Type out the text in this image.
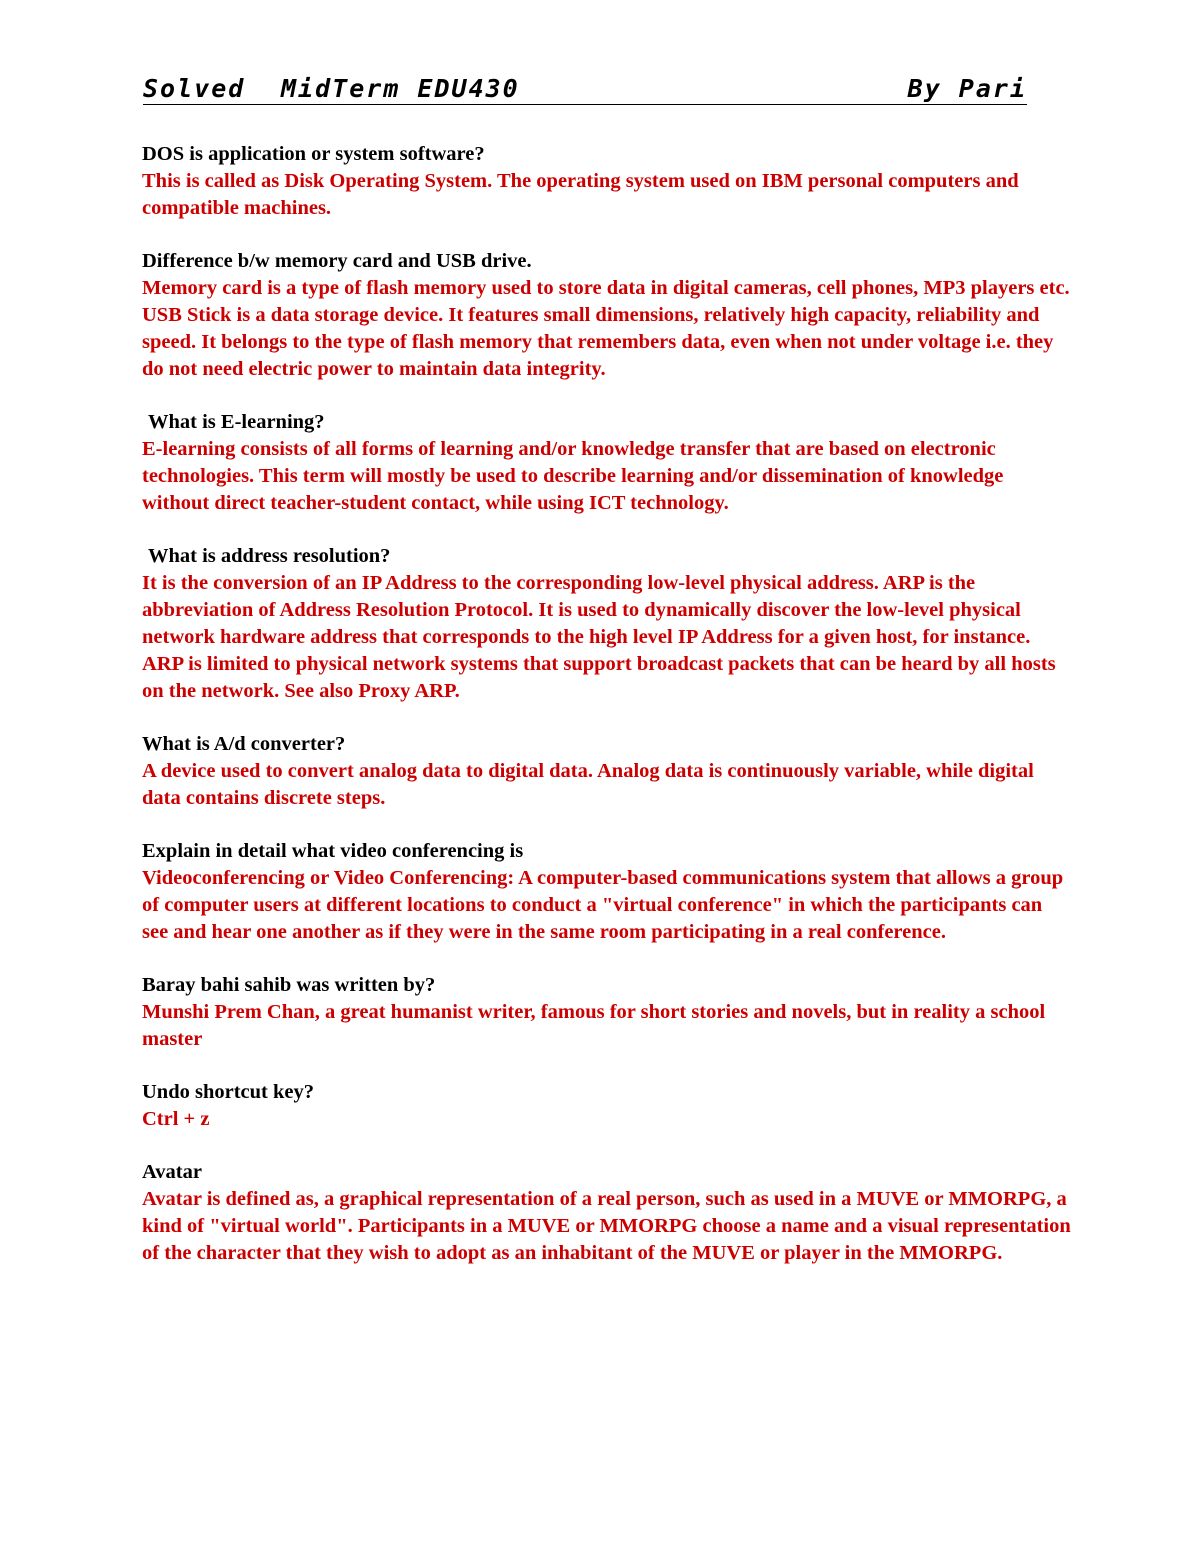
Solved MidTerm EDU430	By Pari

DOS is application or system software?

This is called as Disk Operating System. The operating system used on IBM personal computers and compatible machines.

Difference b/w memory card and USB drive.

Memory card is a type of flash memory used to store data in digital cameras, cell phones, MP3 players etc. USB Stick is a data storage device. It features small dimensions, relatively high capacity, reliability and speed. It belongs to the type of flash memory that remembers data, even when not under voltage i.e. they do not need electric power to maintain data integrity.

What is E-learning?

E-learning consists of all forms of learning and/or knowledge transfer that are based on electronic technologies. This term will mostly be used to describe learning and/or dissemination of knowledge without direct teacher-student contact, while using ICT technology.

What is address resolution?

It is the conversion of an IP Address to the corresponding low-level physical address. ARP is the abbreviation of Address Resolution Protocol. It is used to dynamically discover the low-level physical network hardware address that corresponds to the high level IP Address for a given host, for instance. ARP is limited to physical network systems that support broadcast packets that can be heard by all hosts on the network. See also Proxy ARP.

What is A/d converter?

A device used to convert analog data to digital data. Analog data is continuously variable, while digital data contains discrete steps.

Explain in detail what video conferencing is

Videoconferencing or Video Conferencing: A computer-based communications system that allows a group of computer users at different locations to conduct a "virtual conference" in which the participants can see and hear one another as if they were in the same room participating in a real conference.

Baray bahi sahib was written by?

Munshi Prem Chan, a great humanist writer, famous for short stories and novels, but in reality a school master

Undo shortcut key?

Ctrl + z

Avatar

Avatar is defined as, a graphical representation of a real person, such as used in a MUVE or MMORPG, a kind of "virtual world". Participants in a MUVE or MMORPG choose a name and a visual representation of the character that they wish to adopt as an inhabitant of the MUVE or player in the MMORPG.
